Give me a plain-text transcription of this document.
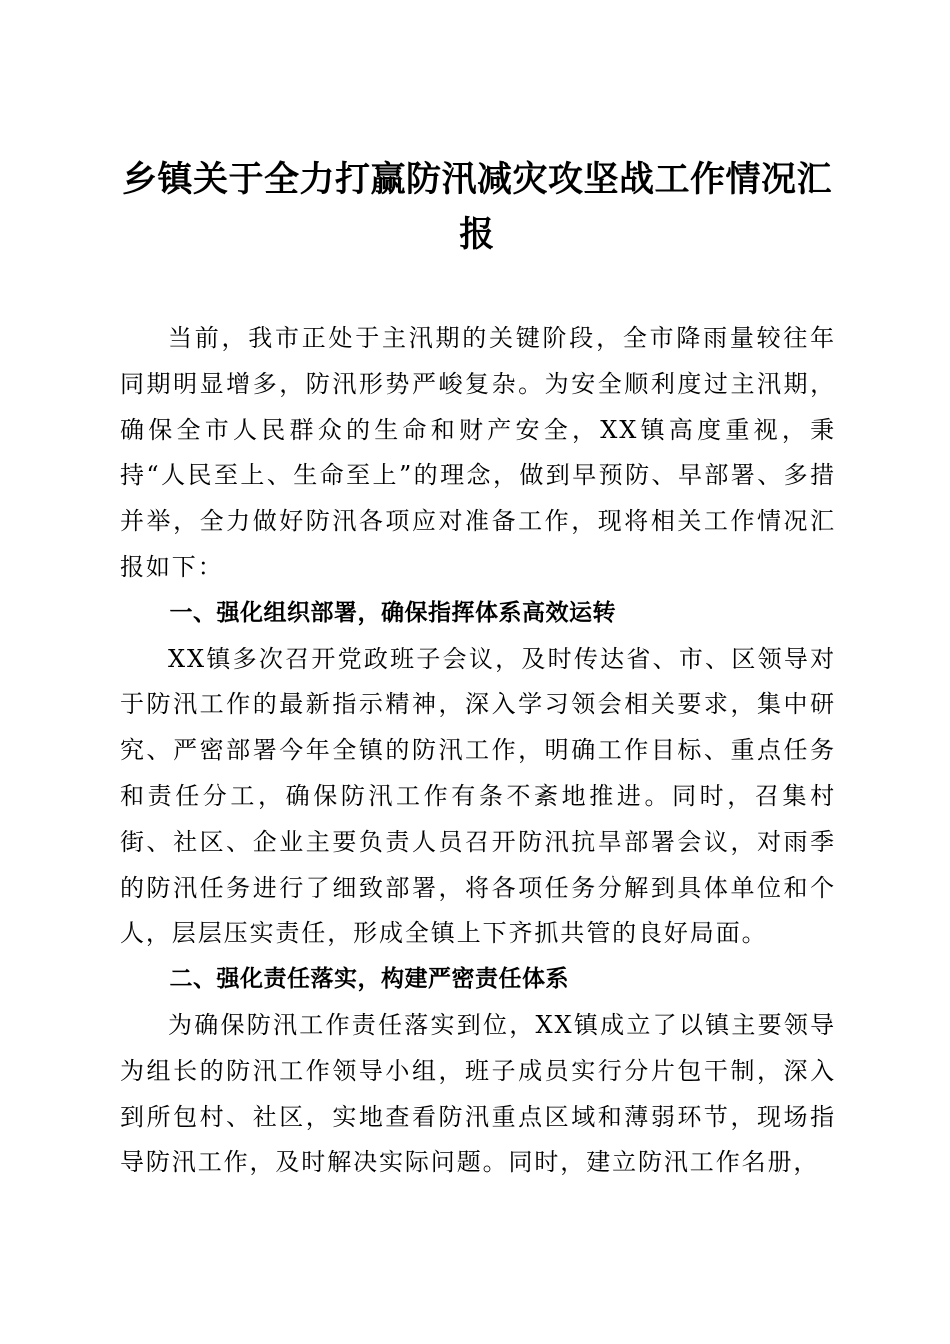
乡镇关于全力打赢防汛减灾攻坚战工作情况汇报

当前，我市正处于主汛期的关键阶段，全市降雨量较往年同期明显增多，防汛形势严峻复杂。为安全顺利度过主汛期，确保全市人民群众的生命和财产安全，XX镇高度重视，秉持“人民至上、生命至上”的理念，做到早预防、早部署、多措并举，全力做好防汛各项应对准备工作，现将相关工作情况汇报如下：

一、强化组织部署，确保指挥体系高效运转

XX镇多次召开党政班子会议，及时传达省、市、区领导对于防汛工作的最新指示精神，深入学习领会相关要求，集中研究、严密部署今年全镇的防汛工作，明确工作目标、重点任务和责任分工，确保防汛工作有条不紊地推进。同时，召集村街、社区、企业主要负责人员召开防汛抗旱部署会议，对雨季的防汛任务进行了细致部署，将各项任务分解到具体单位和个人，层层压实责任，形成全镇上下齐抓共管的良好局面。

二、强化责任落实，构建严密责任体系

为确保防汛工作责任落实到位，XX镇成立了以镇主要领导为组长的防汛工作领导小组，班子成员实行分片包干制，深入到所包村、社区，实地查看防汛重点区域和薄弱环节，现场指导防汛工作，及时解决实际问题。同时，建立防汛工作名册，
